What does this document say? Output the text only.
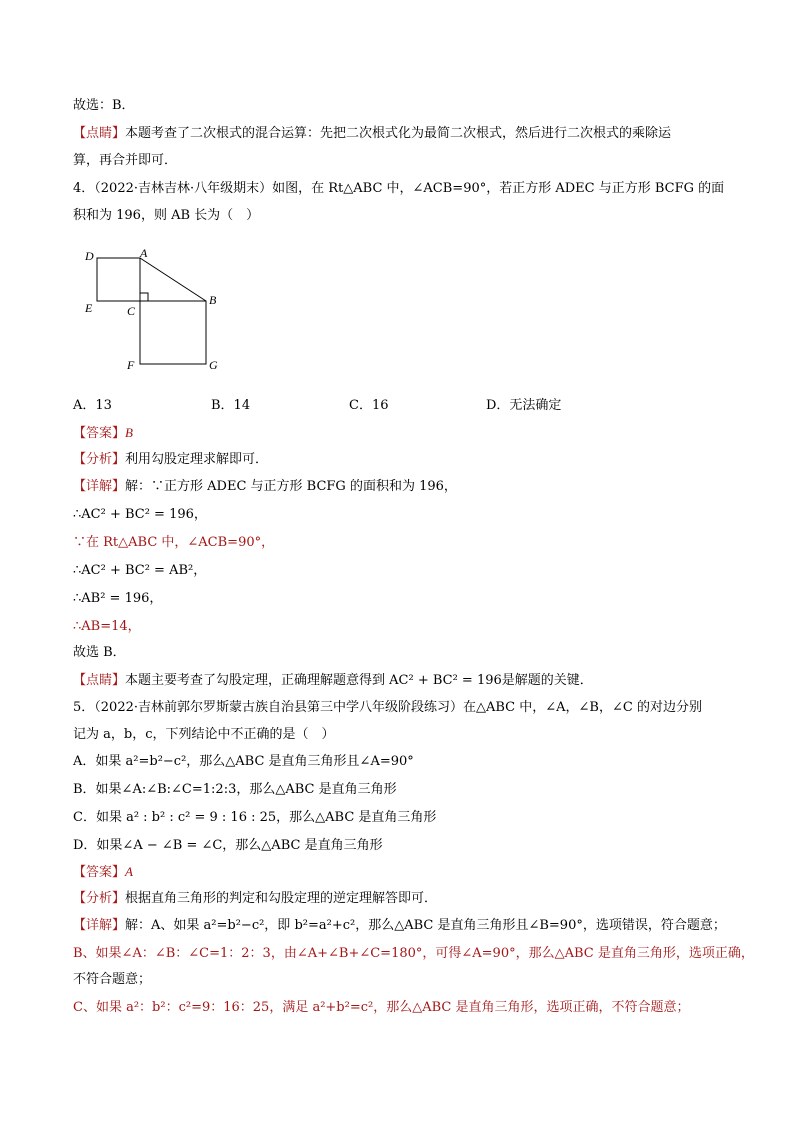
故选：B．
【点睛】本题考查了二次根式的混合运算：先把二次根式化为最简二次根式，然后进行二次根式的乘除运
算，再合并即可．
4．（2022·吉林吉林·八年级期末）如图，在 Rt△ABC 中，∠ACB=90°，若正方形 ADEC 与正方形 BCFG 的面
积和为 196，则 AB 长为（　）
D	A
E	C
B
F	G
A．13	B．14	C．16	D．无法确定
【答案】B
【分析】利用勾股定理求解即可．
【详解】解：∵正方形 ADEC 与正方形 BCFG 的面积和为 196，
∴AC² + BC² = 196，
∵在 Rt△ABC 中，∠ACB=90°，
∴AC² + BC² = AB²，
∴AB² = 196，
∴AB=14，
故选 B．
【点睛】本题主要考查了勾股定理，正确理解题意得到 AC² + BC² = 196是解题的关键．
5．（2022·吉林前郭尔罗斯蒙古族自治县第三中学八年级阶段练习）在△ABC 中，∠A，∠B，∠C 的对边分别
记为 a，b，c，下列结论中不正确的是（　）
A．如果 a²=b²−c²，那么△ABC 是直角三角形且∠A=90°
B．如果∠A:∠B:∠C=1:2:3，那么△ABC 是直角三角形
C．如果 a² : b² : c² = 9 : 16 : 25，那么△ABC 是直角三角形
D．如果∠A − ∠B = ∠C，那么△ABC 是直角三角形
【答案】A
【分析】根据直角三角形的判定和勾股定理的逆定理解答即可．
【详解】解：A、如果 a²=b²−c²，即 b²=a²+c²，那么△ABC 是直角三角形且∠B=90°，选项错误，符合题意；
B、如果∠A：∠B：∠C=1：2：3，由∠A+∠B+∠C=180°，可得∠A=90°，那么△ABC 是直角三角形，选项正确，
不符合题意；
C、如果 a²：b²：c²=9：16：25，满足 a²+b²=c²，那么△ABC 是直角三角形，选项正确，不符合题意；
